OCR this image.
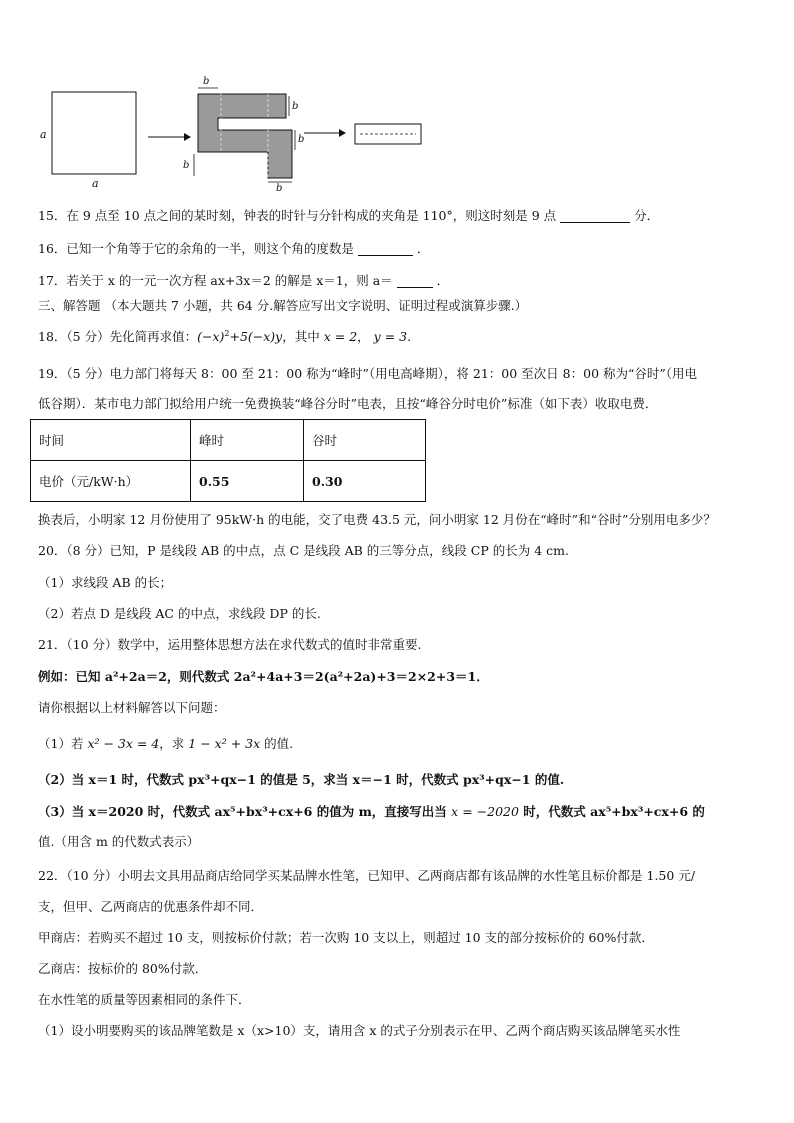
a
a
b
b
b
b
b
15．在 9 点至 10 点之间的某时刻，钟表的时针与分针构成的夹角是 110°，则这时刻是 9 点	分．
16．已知一个角等于它的余角的一半，则这个角的度数是	．
17．若关于 x 的一元一次方程 ax+3x＝2 的解是 x＝1，则 a＝	．
三、解答题 （本大题共 7 小题，共 64 分.解答应写出文字说明、证明过程或演算步骤.）
18．（5 分）先化简再求值：$(-x)^2+5(-x)y$，其中 x = 2， y = 3.
19．（5 分）电力部门将每天 8：00 至 21：00 称为“峰时”（用电高峰期），将 21：00 至次日 8：00 称为“谷时”（用电
低谷期）．某市电力部门拟给用户统一免费换装“峰谷分时”电表，且按“峰谷分时电价”标准（如下表）收取电费．
时间	峰时	谷时
电价（元/kW·h）	0.55	0.30
换表后，小明家 12 月份使用了 95kW·h 的电能，交了电费 43.5 元，问小明家 12 月份在“峰时”和“谷时”分别用电多少？
20．（8 分）已知，P 是线段 AB 的中点，点 C 是线段 AB 的三等分点，线段 CP 的长为 4 cm.
（1）求线段 AB 的长；
（2）若点 D 是线段 AC 的中点，求线段 DP 的长.
21．（10 分）数学中，运用整体思想方法在求代数式的值时非常重要.
例如：已知 a²+2a＝2，则代数式 2a²+4a+3＝2(a²+2a)+3＝2×2+3＝1．
请你根据以上材料解答以下问题：
（1）若 x² − 3x = 4，求 1 − x² + 3x 的值.
（2）当 x＝1 时，代数式 px³+qx−1 的值是 5，求当 x＝−1 时，代数式 px³+qx−1 的值.
（3）当 x＝2020 时，代数式 ax⁵+bx³+cx+6 的值为 m，直接写出当 x = −2020 时，代数式 ax⁵+bx³+cx+6 的
值.（用含 m 的代数式表示）
22．（10 分）小明去文具用品商店给同学买某品牌水性笔，已知甲、乙两商店都有该品牌的水性笔且标价都是 1.50 元/
支，但甲、乙两商店的优惠条件却不同．
甲商店：若购买不超过 10 支，则按标价付款；若一次购 10 支以上，则超过 10 支的部分按标价的 60%付款．
乙商店：按标价的 80%付款．
在水性笔的质量等因素相同的条件下．
（1）设小明要购买的该品牌笔数是 x（x>10）支，请用含 x 的式子分别表示在甲、乙两个商店购买该品牌笔买水性
